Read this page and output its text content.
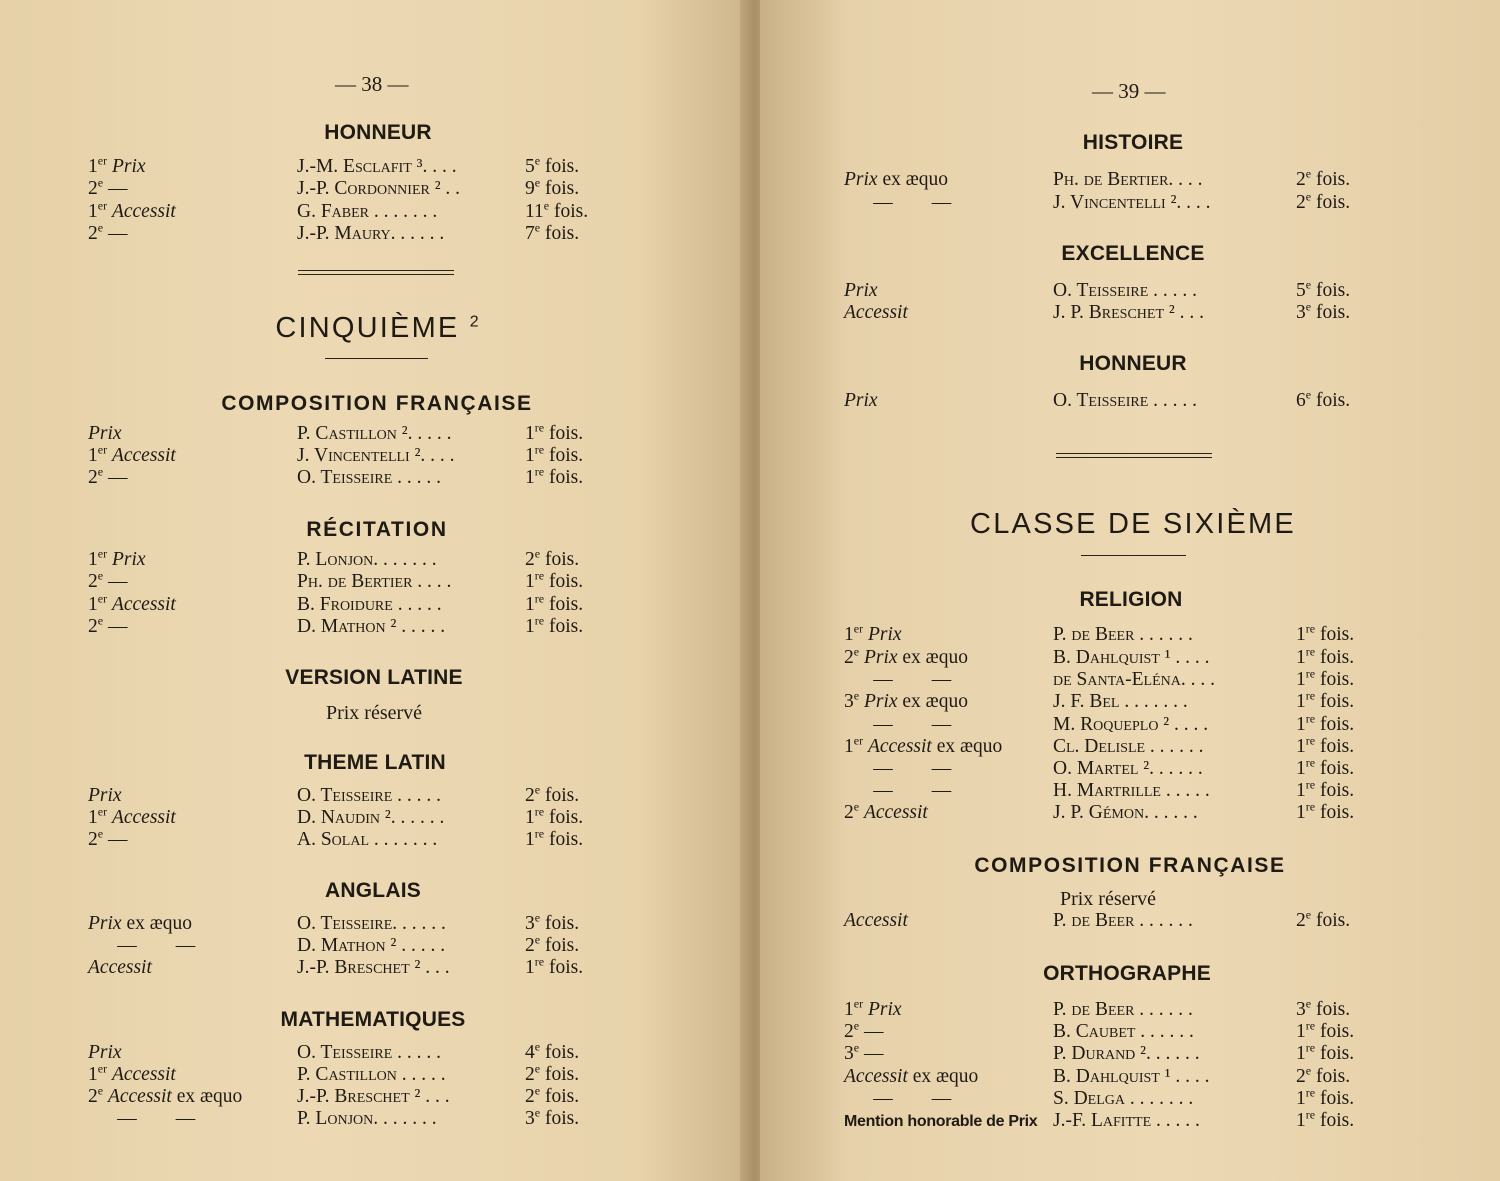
— 38 —
CINQUIÈME $^2$
HONNEUR
1er Prix	J.-M. Esclafit ³. . . .	5e fois.
2e —	J.-P. Cordonnier ² . .	9e fois.
1er Accessit	G. Faber . . . . . . .	11e fois.
2e —	J.-P. Maury. . . . . .	7e fois.
COMPOSITION FRANÇAISE
Prix	P. Castillon ². . . . .	1re fois.
1er Accessit	J. Vincentelli ². . . .	1re fois.
2e —	O. Teisseire . . . . .	1re fois.
RÉCITATION
1er Prix	P. Lonjon. . . . . . .	2e fois.
2e —	Ph. de Bertier . . . .	1re fois.
1er Accessit	B. Froidure . . . . .	1re fois.
2e —	D. Mathon ² . . . . .	1re fois.
VERSION LATINE
Prix réservé
THEME LATIN
Prix	O. Teisseire . . . . .	2e fois.
1er Accessit	D. Naudin ². . . . . .	1re fois.
2e —	A. Solal . . . . . . .	1re fois.
ANGLAIS
Prix ex æquo	O. Teisseire. . . . . .	3e fois.
  —    —	D. Mathon ² . . . . .	2e fois.
Accessit	J.-P. Breschet ² . . .	1re fois.
MATHEMATIQUES
Prix	O. Teisseire . . . . .	4e fois.
1er Accessit	P. Castillon . . . . .	2e fois.
2e Accessit ex æquo	J.-P. Breschet ² . . .	2e fois.
  —    —	P. Lonjon. . . . . . .	3e fois.
— 39 —
CLASSE DE SIXIÈME
HISTOIRE
Prix ex æquo	Ph. de Bertier. . . .	2e fois.
  —    —	J. Vincentelli ². . . .	2e fois.
EXCELLENCE
Prix	O. Teisseire . . . . .	5e fois.
Accessit	J. P. Breschet ² . . .	3e fois.
HONNEUR
Prix	O. Teisseire . . . . .	6e fois.
RELIGION
1er Prix	P. de Beer . . . . . .	1re fois.
2e Prix ex æquo	B. Dahlquist ¹ . . . .	1re fois.
  —    —	de Santa-Eléna. . . .	1re fois.
3e Prix ex æquo	J. F. Bel . . . . . . .	1re fois.
  —    —	M. Roqueplo ² . . . .	1re fois.
1er Accessit ex æquo	Cl. Delisle . . . . . .	1re fois.
  —    —	O. Martel ². . . . . .	1re fois.
  —    —	H. Martrille . . . . .	1re fois.
2e Accessit	J. P. Gémon. . . . . .	1re fois.
COMPOSITION FRANÇAISE
Prix réservé
Accessit	P. de Beer . . . . . .	2e fois.
ORTHOGRAPHE
1er Prix	P. de Beer . . . . . .	3e fois.
2e —	B. Caubet . . . . . .	1re fois.
3e —	P. Durand ². . . . . .	1re fois.
Accessit ex æquo	B. Dahlquist ¹ . . . .	2e fois.
  —    —	S. Delga . . . . . . .	1re fois.
Mention honorable de Prix J.-F. Lafitte . . . . .	1re fois.
